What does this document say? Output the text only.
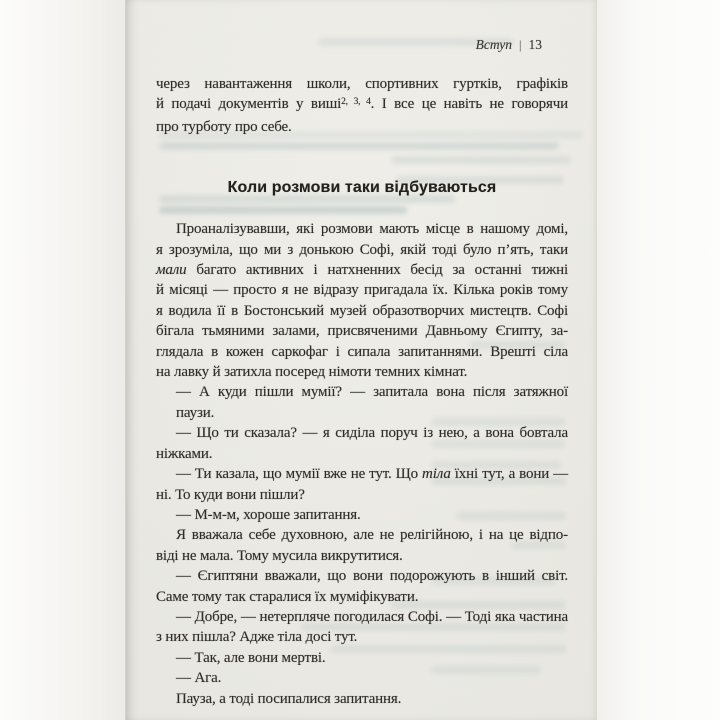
Вступ | 13
через навантаження школи, спортивних гуртків, графіків
й подачі документів у виші$^{2, 3, 4}$. І все це навіть не говорячи
про турботу про себе.
Коли розмови таки відбуваються
Проаналізувавши, які розмови мають місце в нашому домі,
я зрозуміла, що ми з донькою Софі, якій тоді було п’ять, таки
мали багато активних і натхненних бесід за останні тижні
й місяці — просто я не відразу пригадала їх. Кілька років тому
я водила її в Бостонський музей образотворчих мистецтв. Софі
бігала тьмяними залами, присвяченими Давньому Єгипту, за-
глядала в кожен саркофаг і сипала запитаннями. Врешті сіла
на лавку й затихла посеред німоти темних кімнат.
— А куди пішли мумії? — запитала вона після затяжної паузи.
— Що ти сказала? — я сиділа поруч із нею, а вона бовтала
ніжками.
— Ти казала, що мумії вже не тут. Що тіла їхні тут, а вони —
ні. То куди вони пішли?
— М-м-м, хороше запитання.
Я вважала себе духовною, але не релігійною, і на це відпо-
віді не мала. Тому мусила викрутитися.
— Єгиптяни вважали, що вони подорожують в інший світ.
Саме тому так старалися їх муміфікувати.
— Добре, — нетерпляче погодилася Софі. — Тоді яка частина
з них пішла? Адже тіла досі тут.
— Так, але вони мертві.
— Ага.
Пауза, а тоді посипалися запитання.
